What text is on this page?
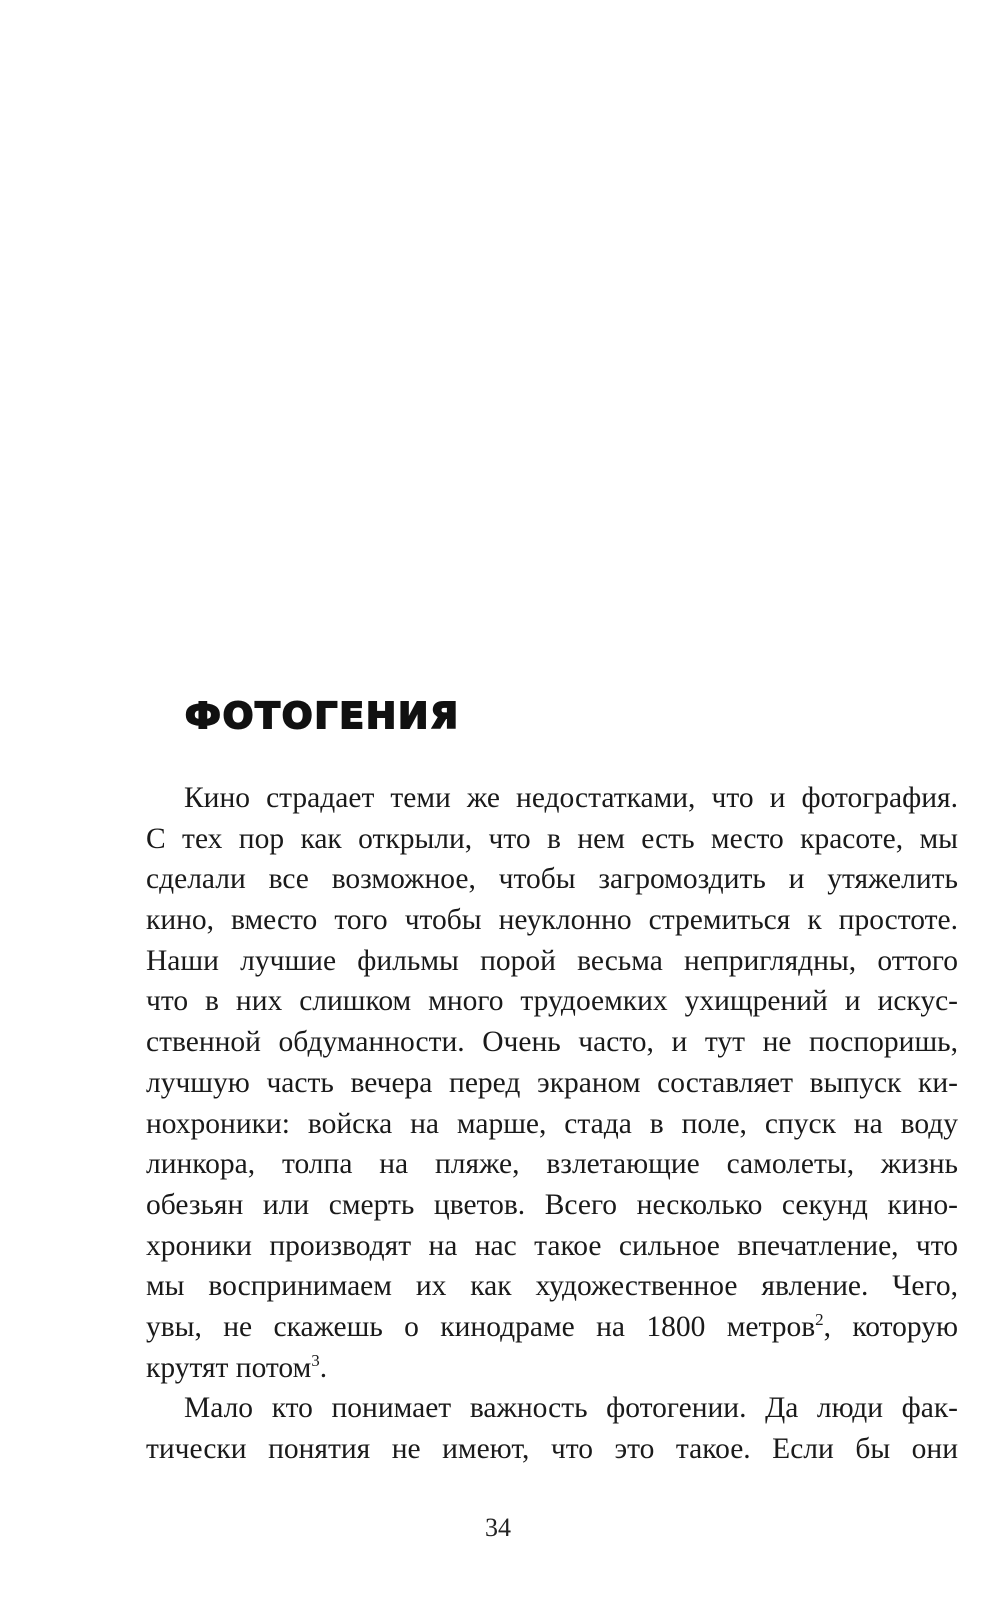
ФОТОГЕНИЯ
Кино страдает теми же недостатками, что и фотография.
С тех пор как открыли, что в нем есть место красоте, мы
сделали все возможное, чтобы загромоздить и утяжелить
кино, вместо того чтобы неуклонно стремиться к простоте.
Наши лучшие фильмы порой весьма неприглядны, оттого
что в них слишком много трудоемких ухищрений и искус-
ственной обдуманности. Очень часто, и тут не поспоришь,
лучшую часть вечера перед экраном составляет выпуск ки-
нохроники: войска на марше, стада в поле, спуск на воду
линкора, толпа на пляже, взлетающие самолеты, жизнь
обезьян или смерть цветов. Всего несколько секунд кино-
хроники производят на нас такое сильное впечатление, что
мы воспринимаем их как художественное явление. Чего,
увы, не скажешь о кинодраме на 1800 метров$^2$, которую
крутят потом$^3$.
Мало кто понимает важность фотогении. Да люди фак-
тически понятия не имеют, что это такое. Если бы они
34
